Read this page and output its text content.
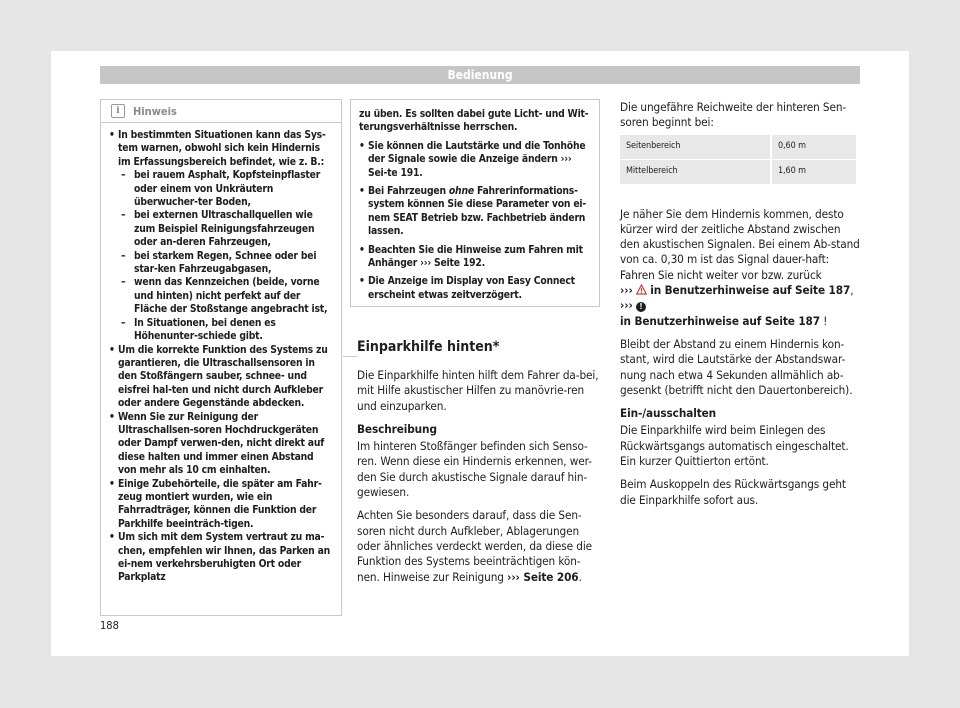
Bedienung
i	Hinweis
• In bestimmten Situationen kann das Sys-tem warnen, obwohl sich kein Hindernis im Erfassungsbereich befindet, wie z. B.:
– bei rauem Asphalt, Kopfsteinpflaster oder einem von Unkräutern überwucher-ter Boden,
– bei externen Ultraschallquellen wie zum Beispiel Reinigungsfahrzeugen oder an-deren Fahrzeugen,
– bei starkem Regen, Schnee oder bei star-ken Fahrzeugabgasen,
– wenn das Kennzeichen (beide, vorne und hinten) nicht perfekt auf der Fläche der Stoßstange angebracht ist,
– In Situationen, bei denen es Höhenunter-schiede gibt.
• Um die korrekte Funktion des Systems zu garantieren, die Ultraschallsensoren in den Stoßfängern sauber, schnee- und eisfrei hal-ten und nicht durch Aufkleber oder andere Gegenstände abdecken.
• Wenn Sie zur Reinigung der Ultraschallsen-soren Hochdruckgeräten oder Dampf verwen-den, nicht direkt auf diese halten und immer einen Abstand von mehr als 10 cm einhalten.
• Einige Zubehörteile, die später am Fahr-zeug montiert wurden, wie ein Fahrradträger, können die Funktion der Parkhilfe beeinträch-tigen.
• Um sich mit dem System vertraut zu ma-chen, empfehlen wir Ihnen, das Parken an ei-nem verkehrsberuhigten Ort oder Parkplatz

zu üben. Es sollten dabei gute Licht- und Wit-terungsverhältnisse herrschen.

• Sie können die Lautstärke und die Tonhöhe der Signale sowie die Anzeige ändern ››› Sei-te 191.
• Bei Fahrzeugen ohne Fahrerinformations-system können Sie diese Parameter von ei-nem SEAT Betrieb bzw. Fachbetrieb ändern lassen.
• Beachten Sie die Hinweise zum Fahren mit Anhänger ››› Seite 192.
• Die Anzeige im Display von Easy Connect erscheint etwas zeitverzögert.
Einparkhilfe hinten*

Die Einparkhilfe hinten hilft dem Fahrer da-bei, mit Hilfe akustischer Hilfen zu manövrie-ren und einzuparken.

Beschreibung

Im hinteren Stoßfänger befinden sich Senso-ren. Wenn diese ein Hindernis erkennen, wer-den Sie durch akustische Signale darauf hin-gewiesen.

Achten Sie besonders darauf, dass die Sen-soren nicht durch Aufkleber, Ablagerungen oder ähnliches verdeckt werden, da diese die Funktion des Systems beeinträchtigen kön-nen. Hinweise zur Reinigung ››› Seite 206.

Die ungefähre Reichweite der hinteren Sen-soren beginnt bei:

Seitenbereich	0,60 m
Mittelbereich	1,60 m

Je näher Sie dem Hindernis kommen, desto kürzer wird der zeitliche Abstand zwischen den akustischen Signalen. Bei einem Ab-stand von ca. 0,30 m ist das Signal dauer-haft: Fahren Sie nicht weiter vor bzw. zurück
››› in Benutzerhinweise auf Seite 187, ››› !
in Benutzerhinweise auf Seite 187 !

Bleibt der Abstand zu einem Hindernis kon-stant, wird die Lautstärke der Abstandswar-nung nach etwa 4 Sekunden allmählich ab-gesenkt (betrifft nicht den Dauertonbereich).

Ein-/ausschalten

Die Einparkhilfe wird beim Einlegen des Rückwärtsgangs automatisch eingeschaltet. Ein kurzer Quittierton ertönt.

Beim Auskoppeln des Rückwärtsgangs geht die Einparkhilfe sofort aus.

188
